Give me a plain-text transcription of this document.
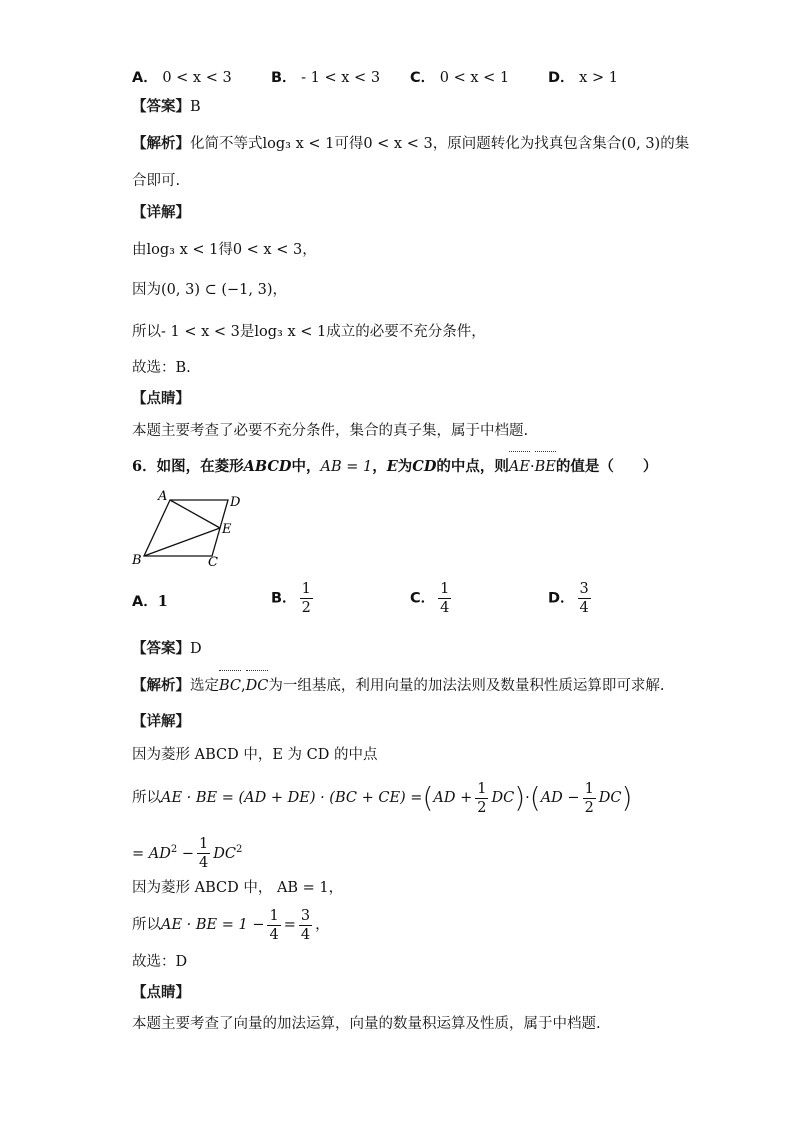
A． 0 < x < 3	B． - 1 < x < 3 C． 0 < x < 1	D． x > 1
【答案】B
【解析】化简不等式log₃ x < 1可得0 < x < 3，原问题转化为找真包含集合(0, 3)的集
合即可.
【详解】
由log₃ x < 1得0 < x < 3，
因为(0, 3) ⊂ (−1, 3)，
所以- 1 < x < 3是log₃ x < 1成立的必要不充分条件，
故选：B.
【点睛】
本题主要考查了必要不充分条件，集合的真子集，属于中档题.
6．如图，在菱形ABCD中，AB = 1，E为CD的中点，则AE·BE的值是（　　）
A	D
E
B	C
A．1	B． $\frac{1}{2}$	C． $\frac{1}{4}$	D． $\frac{3}{4}$
【答案】D
【解析】选定BC,DC为一组基底，利用向量的加法法则及数量积性质运算即可求解.
【详解】
因为菱形 ABCD 中，E 为 CD 的中点
所以AE · BE = $(AD + DE) \cdot (BC + CE) =(AD + \frac{1}{2} DC)\cdot(AD - \frac{1}{2} DC)$
= $AD^2 - \frac{1}{4} DC^2$
因为菱形 ABCD 中， AB = 1，
所以AE · BE = $1 - \frac{1}{4} = \frac{3}{4}$ ，
故选：D
【点睛】
本题主要考查了向量的加法运算，向量的数量积运算及性质，属于中档题.
